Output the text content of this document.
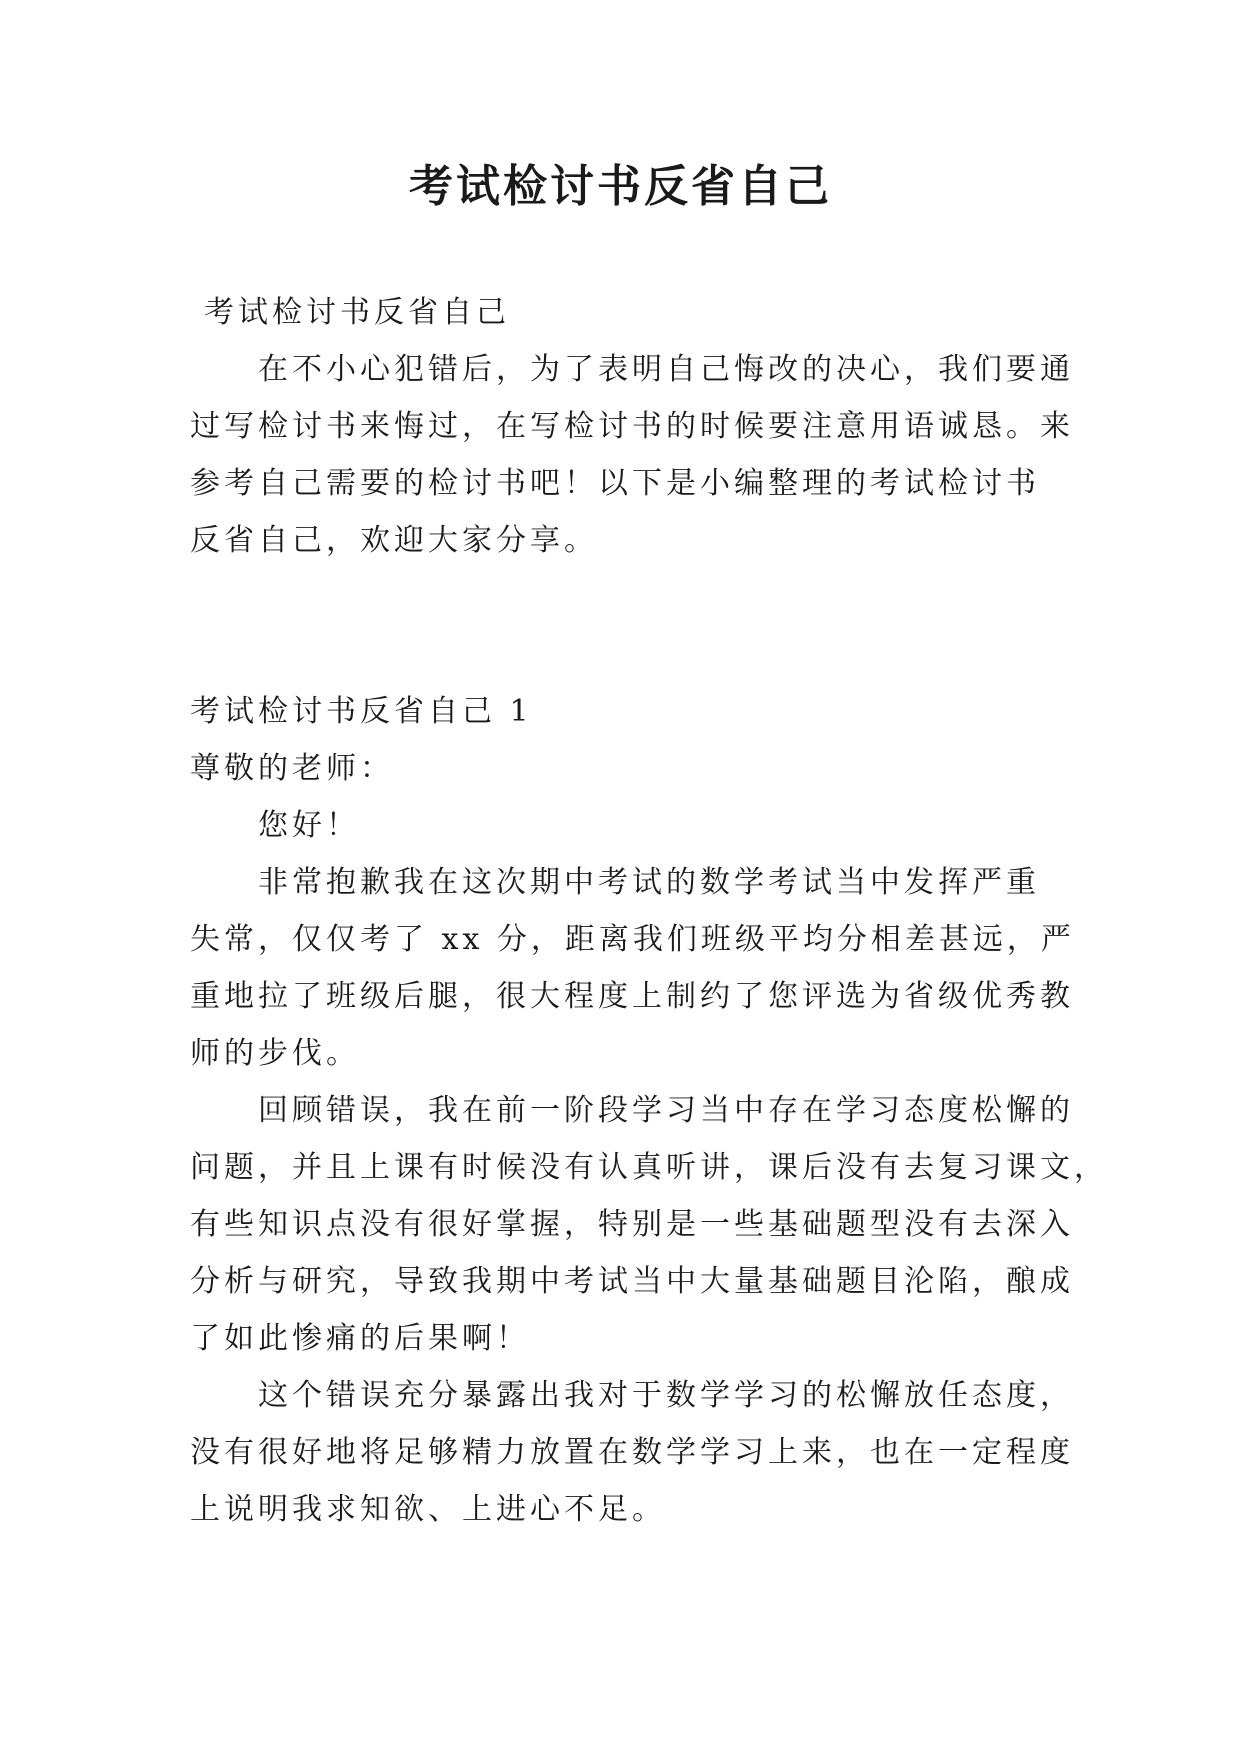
考试检讨书反省自己
考试检讨书反省自己
在不小心犯错后，为了表明自己悔改的决心，我们要通
过写检讨书来悔过，在写检讨书的时候要注意用语诚恳。来
参考自己需要的检讨书吧！以下是小编整理的考试检讨书
反省自己，欢迎大家分享。
考试检讨书反省自己 1
尊敬的老师：
您好！
非常抱歉我在这次期中考试的数学考试当中发挥严重
失常，仅仅考了 xx 分，距离我们班级平均分相差甚远，严
重地拉了班级后腿，很大程度上制约了您评选为省级优秀教
师的步伐。
回顾错误，我在前一阶段学习当中存在学习态度松懈的
问题，并且上课有时候没有认真听讲，课后没有去复习课文，
有些知识点没有很好掌握，特别是一些基础题型没有去深入
分析与研究，导致我期中考试当中大量基础题目沦陷，酿成
了如此惨痛的后果啊！
这个错误充分暴露出我对于数学学习的松懈放任态度，
没有很好地将足够精力放置在数学学习上来，也在一定程度
上说明我求知欲、上进心不足。
